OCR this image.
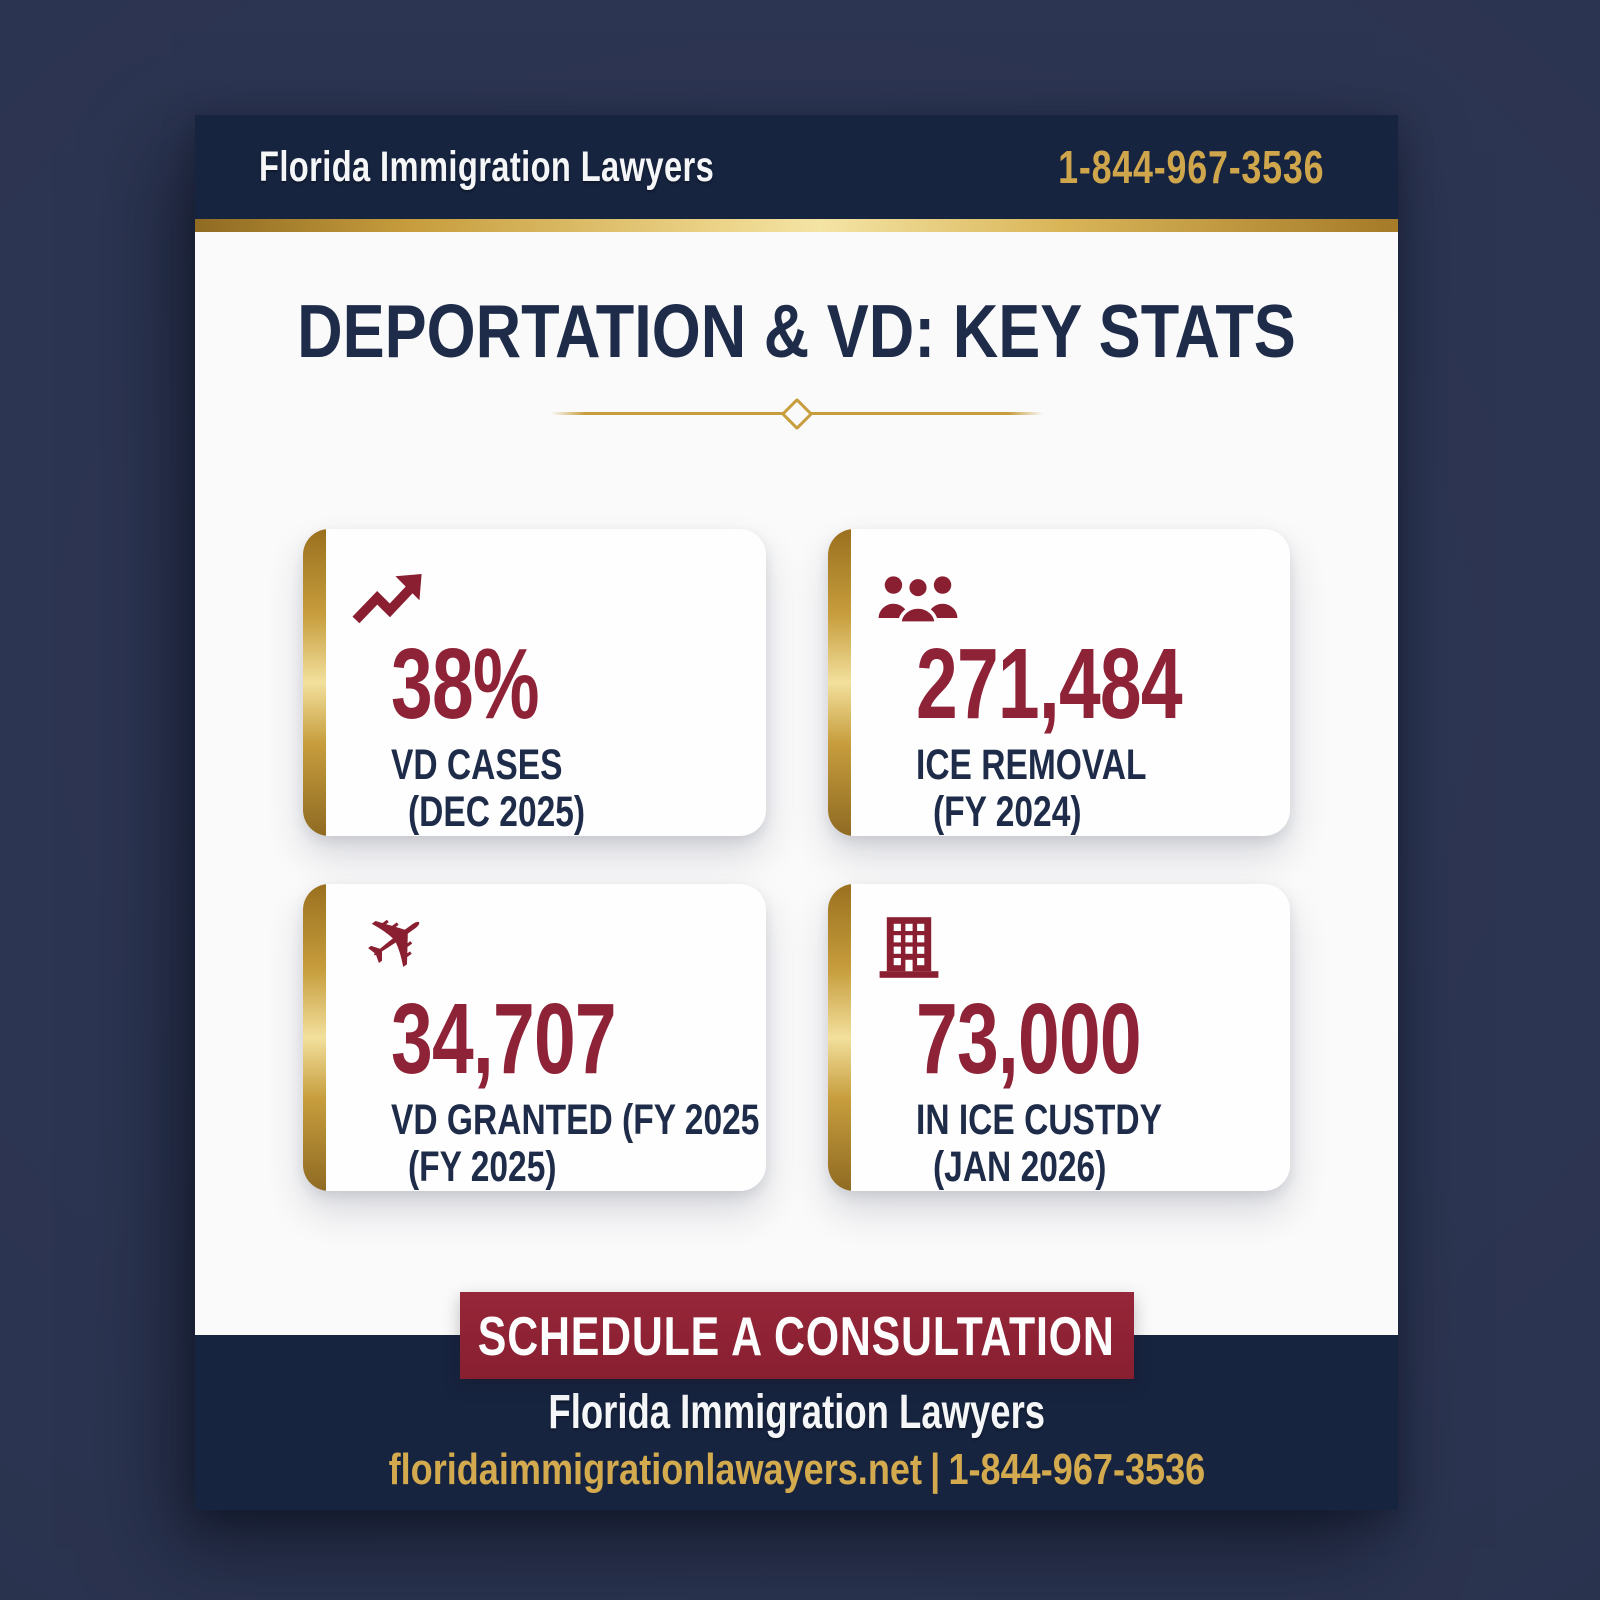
Florida Immigration Lawyers	1-844-967-3536
DEPORTATION & VD: KEY STATS
38%
VD CASES
(DEC 2025)
271,484
ICE REMOVAL
(FY 2024)
✈
34,707
VD GRANTED (FY 2025
(FY 2025)
73,000
IN ICE CUSTDY
(JAN 2026)
SCHEDULE A CONSULTATION
Florida Immigration Lawyers
floridaimmigrationlawayers.net | 1-844-967-3536
